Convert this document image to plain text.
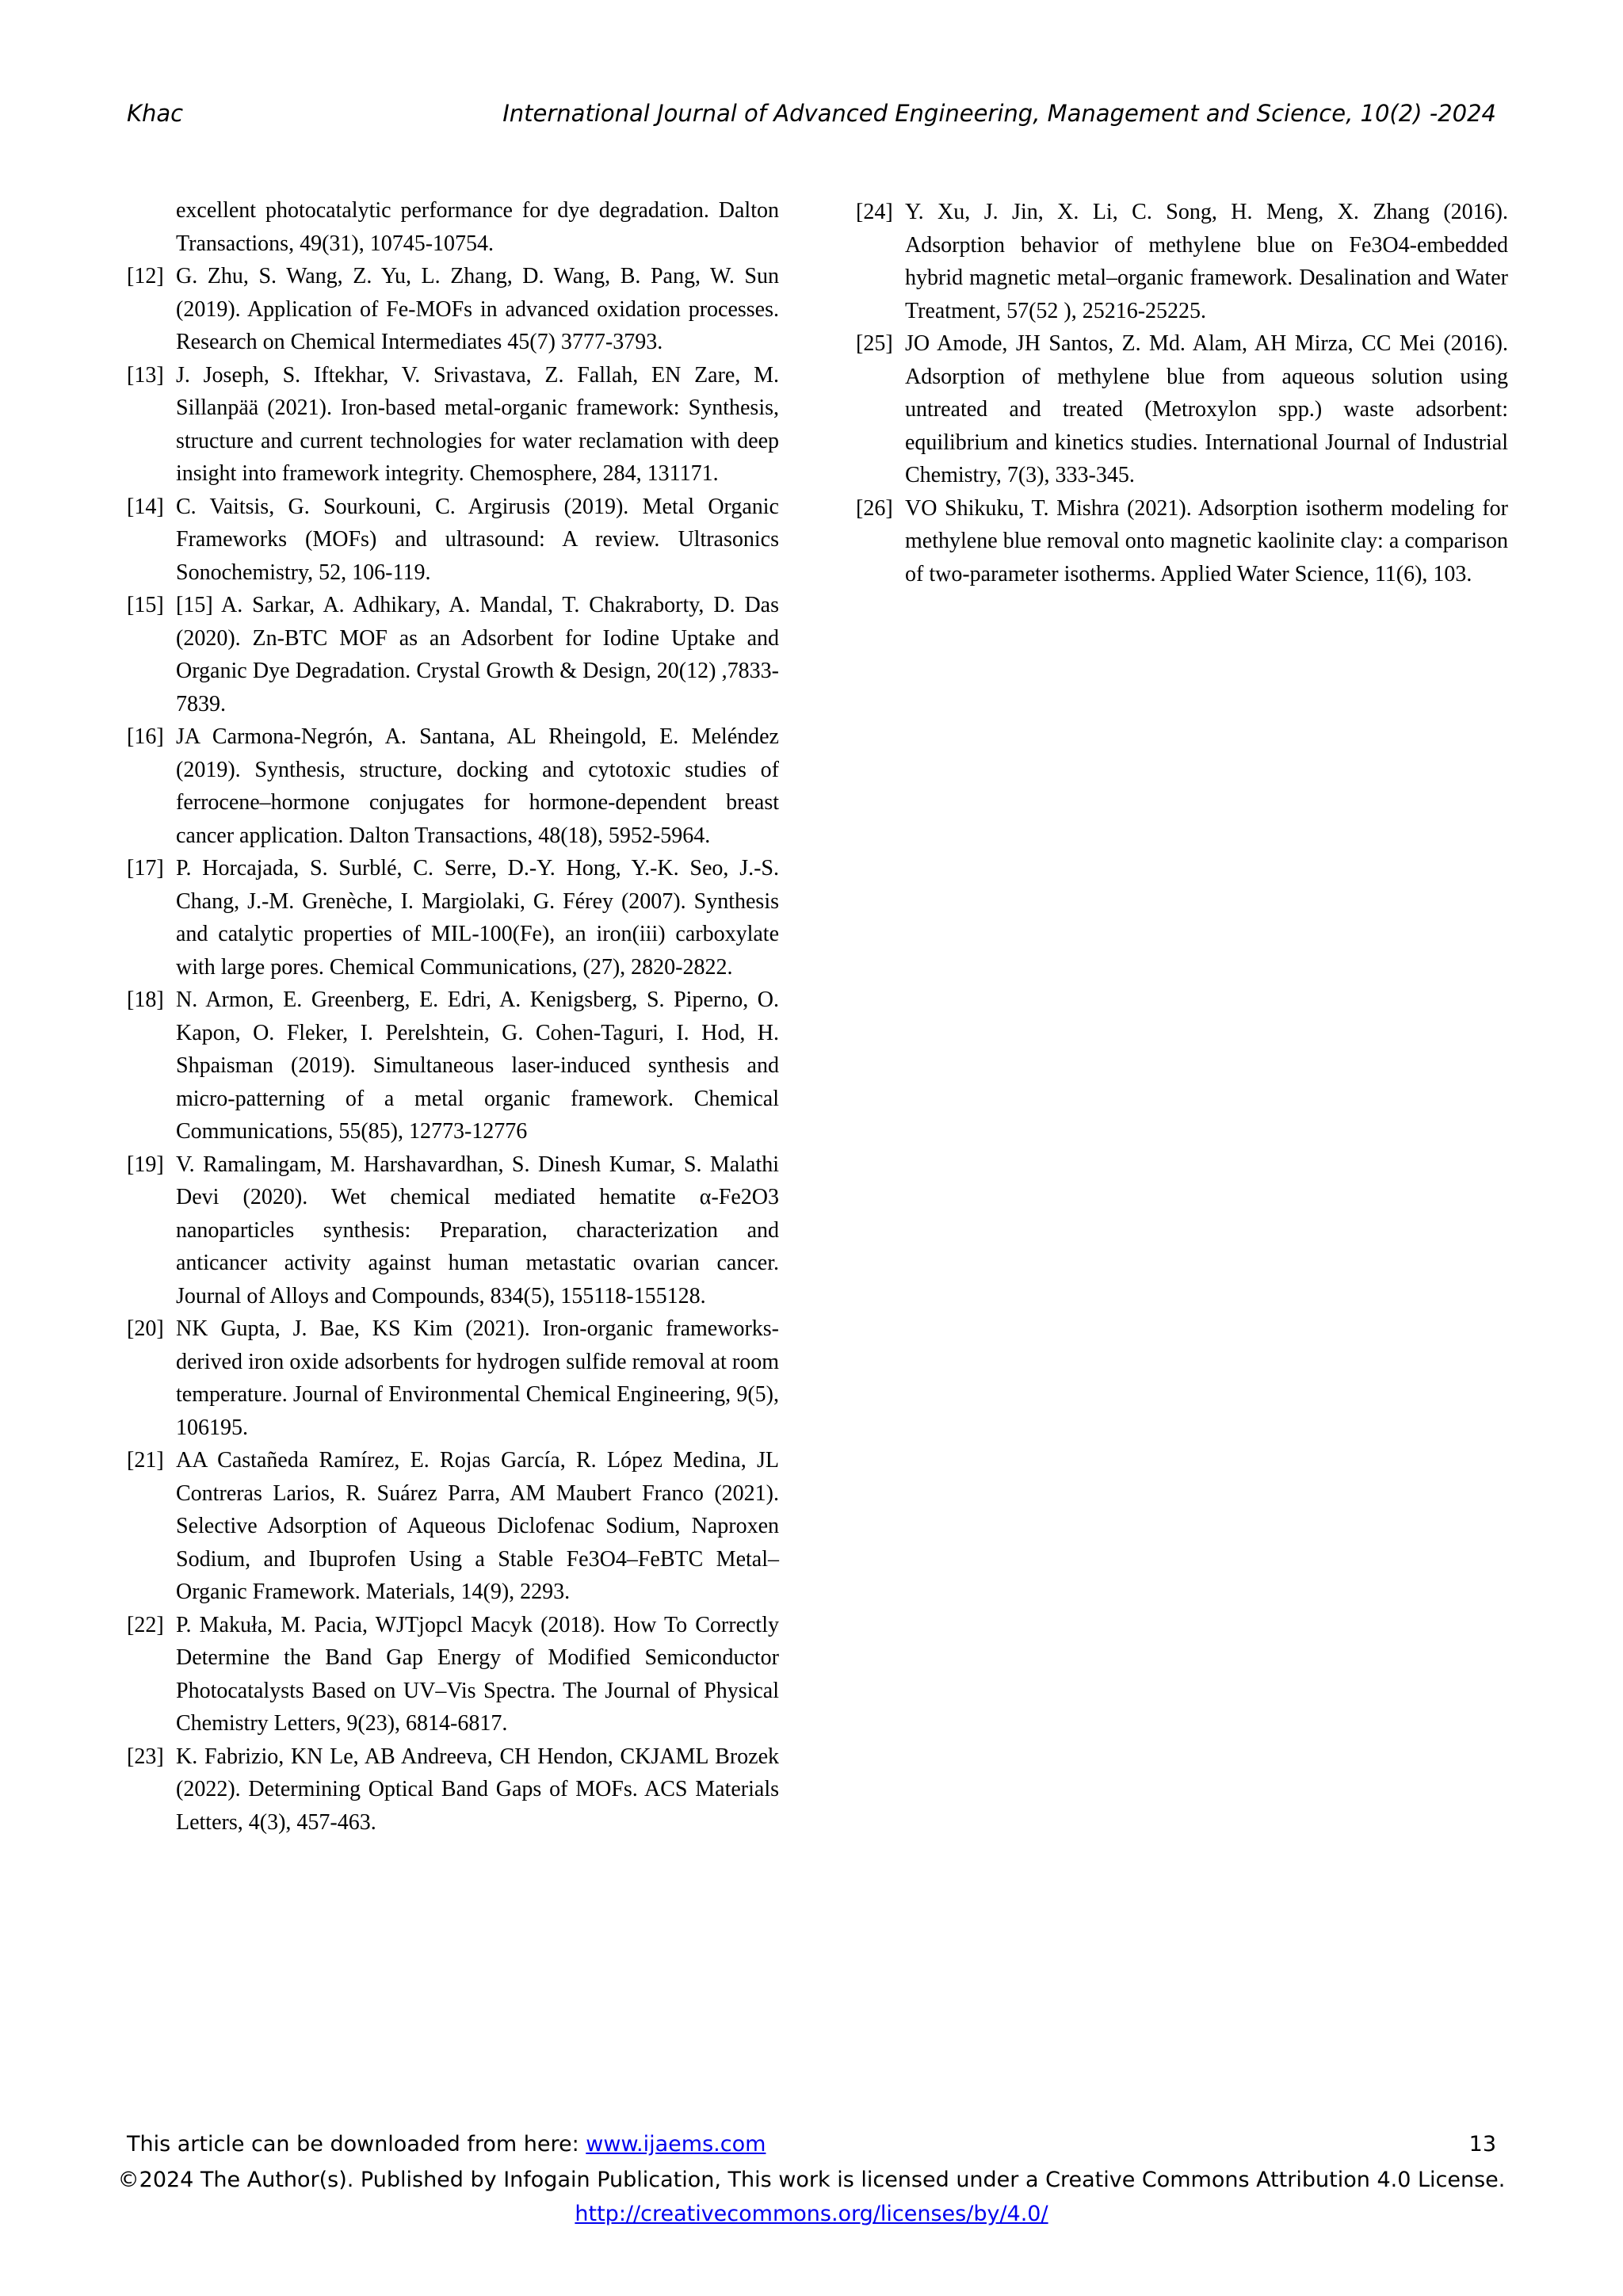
Khac	International Journal of Advanced Engineering, Management and Science, 10(2) -2024
excellent photocatalytic performance for dye degradation. Dalton Transactions, 49(31), 10745-10754.
[12] G. Zhu, S. Wang, Z. Yu, L. Zhang, D. Wang, B. Pang, W. Sun (2019). Application of Fe-MOFs in advanced oxidation processes. Research on Chemical Intermediates 45(7) 3777-3793.
[13] J. Joseph, S. Iftekhar, V. Srivastava, Z. Fallah, EN Zare, M. Sillanpää (2021). Iron-based metal-organic framework: Synthesis, structure and current technologies for water reclamation with deep insight into framework integrity. Chemosphere, 284, 131171.
[14] C. Vaitsis, G. Sourkouni, C. Argirusis (2019). Metal Organic Frameworks (MOFs) and ultrasound: A review. Ultrasonics Sonochemistry, 52, 106-119.
[15] [15] A. Sarkar, A. Adhikary, A. Mandal, T. Chakraborty, D. Das (2020). Zn-BTC MOF as an Adsorbent for Iodine Uptake and Organic Dye Degradation. Crystal Growth & Design, 20(12) ,7833-7839.
[16] JA Carmona-Negrón, A. Santana, AL Rheingold, E. Meléndez (2019). Synthesis, structure, docking and cytotoxic studies of ferrocene–hormone conjugates for hormone-dependent breast cancer application. Dalton Transactions, 48(18), 5952-5964.
[17] P. Horcajada, S. Surblé, C. Serre, D.-Y. Hong, Y.-K. Seo, J.-S. Chang, J.-M. Grenèche, I. Margiolaki, G. Férey (2007). Synthesis and catalytic properties of MIL-100(Fe), an iron(iii) carboxylate with large pores. Chemical Communications, (27), 2820-2822.
[18] N. Armon, E. Greenberg, E. Edri, A. Kenigsberg, S. Piperno, O. Kapon, O. Fleker, I. Perelshtein, G. Cohen-Taguri, I. Hod, H. Shpaisman (2019). Simultaneous laser-induced synthesis and micro-patterning of a metal organic framework. Chemical Communications, 55(85), 12773-12776
[19] V. Ramalingam, M. Harshavardhan, S. Dinesh Kumar, S. Malathi Devi (2020). Wet chemical mediated hematite α-Fe2O3 nanoparticles synthesis: Preparation, characterization and anticancer activity against human metastatic ovarian cancer. Journal of Alloys and Compounds, 834(5), 155118-155128.
[20] NK Gupta, J. Bae, KS Kim (2021). Iron-organic frameworks-derived iron oxide adsorbents for hydrogen sulfide removal at room temperature. Journal of Environmental Chemical Engineering, 9(5), 106195.
[21] AA Castañeda Ramírez, E. Rojas García, R. López Medina, JL Contreras Larios, R. Suárez Parra, AM Maubert Franco (2021). Selective Adsorption of Aqueous Diclofenac Sodium, Naproxen Sodium, and Ibuprofen Using a Stable Fe3O4–FeBTC Metal–Organic Framework. Materials, 14(9), 2293.
[22] P. Makuła, M. Pacia, WJTjopcl Macyk (2018). How To Correctly Determine the Band Gap Energy of Modified Semiconductor Photocatalysts Based on UV–Vis Spectra. The Journal of Physical Chemistry Letters, 9(23), 6814-6817.
[23] K. Fabrizio, KN Le, AB Andreeva, CH Hendon, CKJAML Brozek (2022). Determining Optical Band Gaps of MOFs. ACS Materials Letters, 4(3), 457-463.
[24] Y. Xu, J. Jin, X. Li, C. Song, H. Meng, X. Zhang (2016). Adsorption behavior of methylene blue on Fe3O4-embedded hybrid magnetic metal–organic framework. Desalination and Water Treatment, 57(52 ), 25216-25225.
[25] JO Amode, JH Santos, Z. Md. Alam, AH Mirza, CC Mei (2016). Adsorption of methylene blue from aqueous solution using untreated and treated (Metroxylon spp.) waste adsorbent: equilibrium and kinetics studies. International Journal of Industrial Chemistry, 7(3), 333-345.
[26] VO Shikuku, T. Mishra (2021). Adsorption isotherm modeling for methylene blue removal onto magnetic kaolinite clay: a comparison of two-parameter isotherms. Applied Water Science, 11(6), 103.
This article can be downloaded from here: www.ijaems.com	13
©2024 The Author(s). Published by Infogain Publication, This work is licensed under a Creative Commons Attribution 4.0 License.
http://creativecommons.org/licenses/by/4.0/
